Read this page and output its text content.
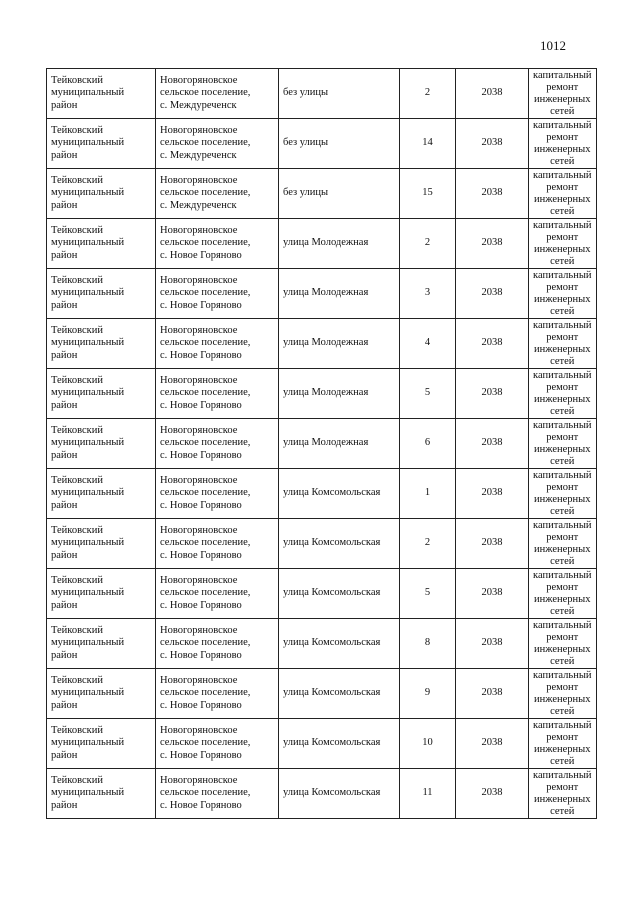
1012
Тейковский
муниципальный
район	Новогоряновское
сельское поселение,
с. Междуреченск	без улицы	2	2038	капитальный
ремонт
инженерных
сетей

Тейковский
муниципальный
район	Новогоряновское
сельское поселение,
с. Междуреченск	без улицы	14	2038	капитальный
ремонт
инженерных
сетей

Тейковский
муниципальный
район	Новогоряновское
сельское поселение,
с. Междуреченск	без улицы	15	2038	капитальный
ремонт
инженерных
сетей

Тейковский
муниципальный
район	Новогоряновское
сельское поселение,
с. Новое Горяново	улица Молодежная	2	2038	капитальный
ремонт
инженерных
сетей

Тейковский
муниципальный
район	Новогоряновское
сельское поселение,
с. Новое Горяново	улица Молодежная	3	2038	капитальный
ремонт
инженерных
сетей

Тейковский
муниципальный
район	Новогоряновское
сельское поселение,
с. Новое Горяново	улица Молодежная	4	2038	капитальный
ремонт
инженерных
сетей

Тейковский
муниципальный
район	Новогоряновское
сельское поселение,
с. Новое Горяново	улица Молодежная	5	2038	капитальный
ремонт
инженерных
сетей

Тейковский
муниципальный
район	Новогоряновское
сельское поселение,
с. Новое Горяново	улица Молодежная	6	2038	капитальный
ремонт
инженерных
сетей

Тейковский
муниципальный
район	Новогоряновское
сельское поселение,
с. Новое Горяново	улица Комсомольская	1	2038	капитальный
ремонт
инженерных
сетей

Тейковский
муниципальный
район	Новогоряновское
сельское поселение,
с. Новое Горяново	улица Комсомольская	2	2038	капитальный
ремонт
инженерных
сетей

Тейковский
муниципальный
район	Новогоряновское
сельское поселение,
с. Новое Горяново	улица Комсомольская	5	2038	капитальный
ремонт
инженерных
сетей

Тейковский
муниципальный
район	Новогоряновское
сельское поселение,
с. Новое Горяново	улица Комсомольская	8	2038	капитальный
ремонт
инженерных
сетей

Тейковский
муниципальный
район	Новогоряновское
сельское поселение,
с. Новое Горяново	улица Комсомольская	9	2038	капитальный
ремонт
инженерных
сетей

Тейковский
муниципальный
район	Новогоряновское
сельское поселение,
с. Новое Горяново	улица Комсомольская	10	2038	капитальный
ремонт
инженерных
сетей

Тейковский
муниципальный
район	Новогоряновское
сельское поселение,
с. Новое Горяново	улица Комсомольская	11	2038	капитальный
ремонт
инженерных
сетей
